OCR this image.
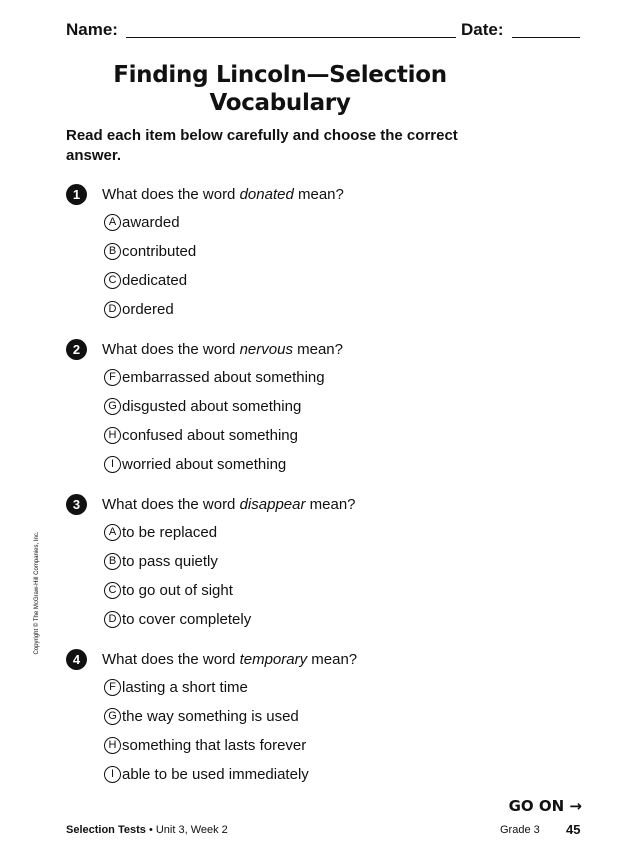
Name:	Date:
Finding Lincoln—Selection Vocabulary
Read each item below carefully and choose the correct answer.
1	What does the word donated mean?
A awarded
B contributed
C dedicated
D ordered
2	What does the word nervous mean?
F embarrassed about something
G disgusted about something
H confused about something
I worried about something
3	What does the word disappear mean?
A to be replaced
B to pass quietly
C to go out of sight
D to cover completely
4	What does the word temporary mean?
F lasting a short time
G the way something is used
H something that lasts forever
I able to be used immediately
Copyright © The McGraw-Hill Companies, Inc.
GO ON →
Selection Tests • Unit 3, Week 2	Grade 3 45
